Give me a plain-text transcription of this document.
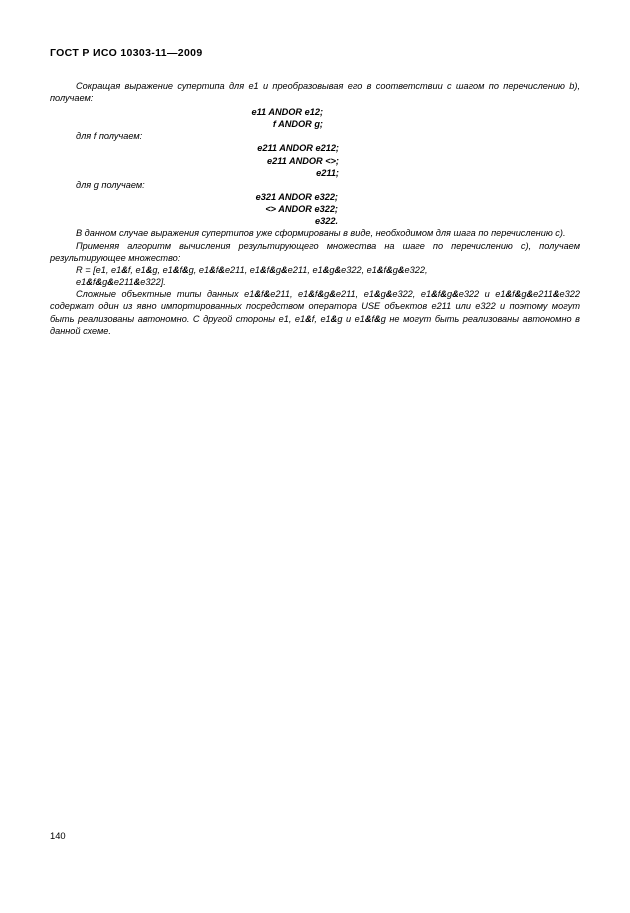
ГОСТ Р ИСО 10303-11—2009

Сокращая выражение супертипа для e1 и преобразовывая его в соответствии с шагом по перечислению b), получаем:

e11 ANDOR e12;
f ANDOR g;
для f получаем:
e211 ANDOR e212;
e211 ANDOR <>;
e211;
для g получаем:
e321 ANDOR e322;
<> ANDOR e322;
e322.

В данном случае выражения супертипов уже сформированы в виде, необходимом для шага по перечислению c).

Применяя алгоритм вычисления результирующего множества на шаге по перечислению c), получаем результирующее множество:

R = [e1, e1&f, e1&g, e1&f&g, e1&f&e211, e1&f&g&e211, e1&g&e322, e1&f&g&e322,
e1&f&g&e211&e322].

Сложные объектные типы данных e1&f&e211, e1&f&g&e211, e1&g&e322, e1&f&g&e322 и e1&f&g&e211&e322 содержат один из явно импортированных посредством оператора USE объектов e211 или e322 и поэтому могут быть реализованы автономно. С другой стороны e1, e1&f, e1&g и e1&f&g не могут быть реализованы автономно в данной схеме.

140
